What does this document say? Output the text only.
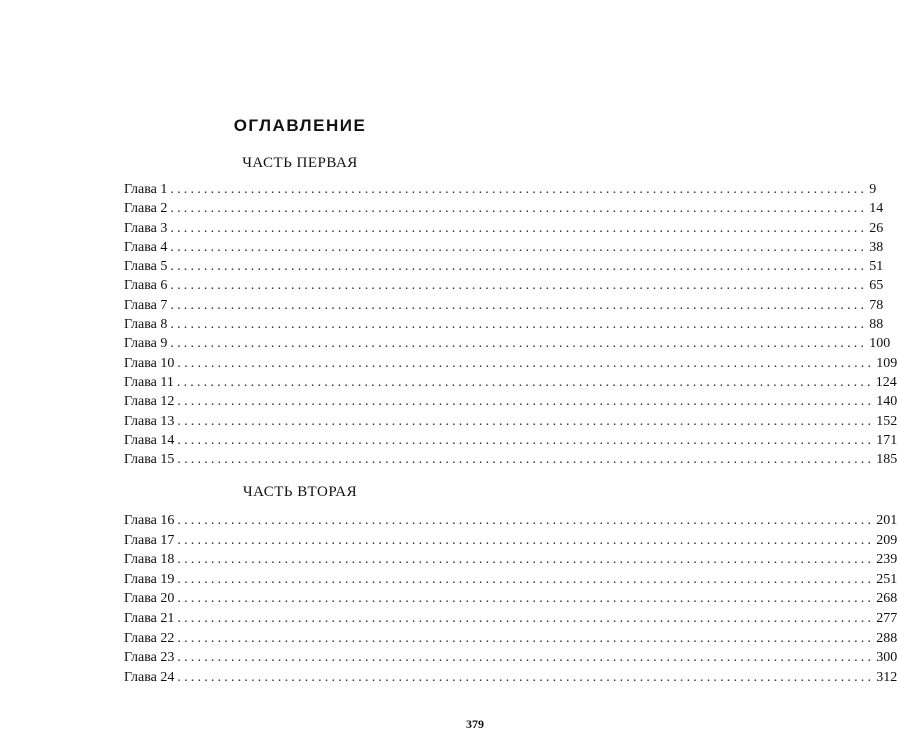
ОГЛАВЛЕНИЕ
ЧАСТЬ ПЕРВАЯ
Глава 1 ........................................................................................................ 9
Глава 2 ........................................................................................................ 14
Глава 3 ........................................................................................................ 26
Глава 4 ........................................................................................................ 38
Глава 5 ........................................................................................................ 51
Глава 6 ........................................................................................................ 65
Глава 7 ........................................................................................................ 78
Глава 8 ........................................................................................................ 88
Глава 9 ........................................................................................................ 100
Глава 10 ........................................................................................................ 109
Глава 11 ........................................................................................................ 124
Глава 12 ........................................................................................................ 140
Глава 13 ........................................................................................................ 152
Глава 14 ........................................................................................................ 171
Глава 15 ........................................................................................................ 185
ЧАСТЬ ВТОРАЯ
Глава 16 ........................................................................................................ 201
Глава 17 ........................................................................................................ 209
Глава 18 ........................................................................................................ 239
Глава 19 ........................................................................................................ 251
Глава 20 ........................................................................................................ 268
Глава 21 ........................................................................................................ 277
Глава 22 ........................................................................................................ 288
Глава 23 ........................................................................................................ 300
Глава 24 ........................................................................................................ 312
379
